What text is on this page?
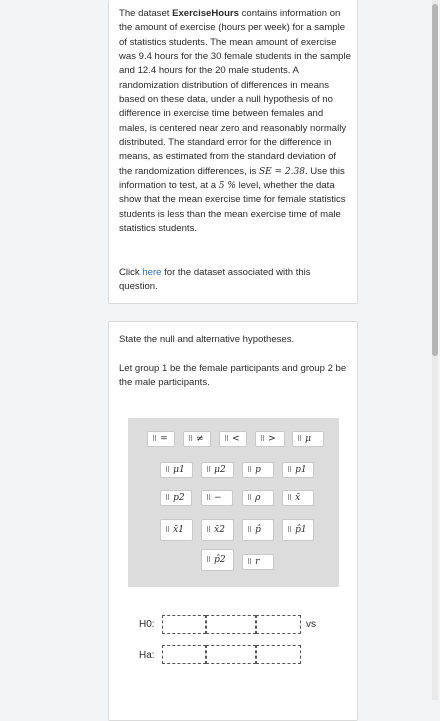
The dataset ExerciseHours contains information on the amount of exercise (hours per week) for a sample of statistics students. The mean amount of exercise was 9.4 hours for the 30 female students in the sample and 12.4 hours for the 20 male students. A randomization distribution of differences in means based on these data, under a null hypothesis of no difference in exercise time between females and males, is centered near zero and reasonably normally distributed. The standard error for the difference in means, as estimated from the standard deviation of the randomization differences, is SE = 2.38. Use this information to test, at a 5 % level, whether the data show that the mean exercise time for female statistics students is less than the mean exercise time of male statistics students.
Click here for the dataset associated with this question.
State the null and alternative hypotheses.
Let group 1 be the female participants and group 2 be the male participants.
⠿ =	⠿ ≠	⠿ <	⠿ >	⠿ μ
⠿ μ1	⠿ μ2	⠿ p	⠿ p1
⠿ p2	⠿ −	⠿ ρ	⠿ x̄
⠿ x̄1	⠿ x̄2	⠿ p̂	⠿ p̂1
⠿ p̂2	⠿ r
H0:	vs
Ha:
